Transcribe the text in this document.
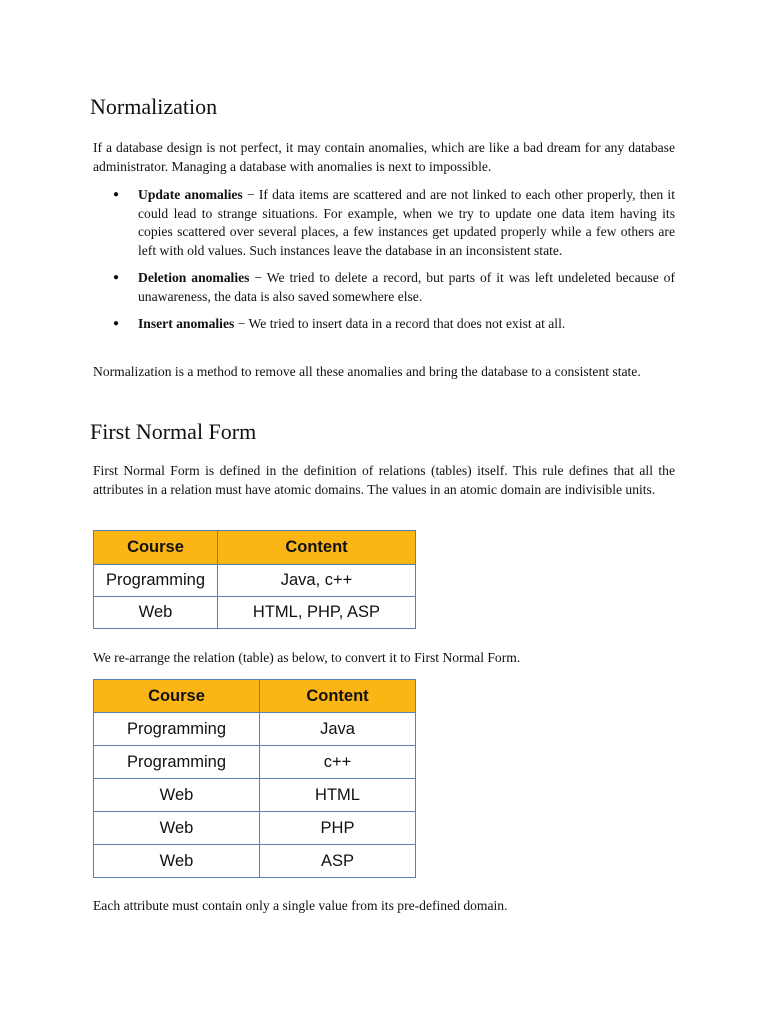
Normalization

If a database design is not perfect, it may contain anomalies, which are like a bad dream for any database administrator. Managing a database with anomalies is next to impossible.

● Update anomalies − If data items are scattered and are not linked to each other properly, then it could lead to strange situations. For example, when we try to update one data item having its copies scattered over several places, a few instances get updated properly while a few others are left with old values. Such instances leave the database in an inconsistent state.
● Deletion anomalies − We tried to delete a record, but parts of it was left undeleted because of unawareness, the data is also saved somewhere else.
● Insert anomalies − We tried to insert data in a record that does not exist at all.

Normalization is a method to remove all these anomalies and bring the database to a consistent state.

First Normal Form

First Normal Form is defined in the definition of relations (tables) itself. This rule defines that all the attributes in a relation must have atomic domains. The values in an atomic domain are indivisible units.

Course	Content
Programming	Java, c++
Web	HTML, PHP, ASP

We re-arrange the relation (table) as below, to convert it to First Normal Form.

Course	Content
Programming	Java
Programming	c++
Web	HTML
Web	PHP
Web	ASP

Each attribute must contain only a single value from its pre-defined domain.
